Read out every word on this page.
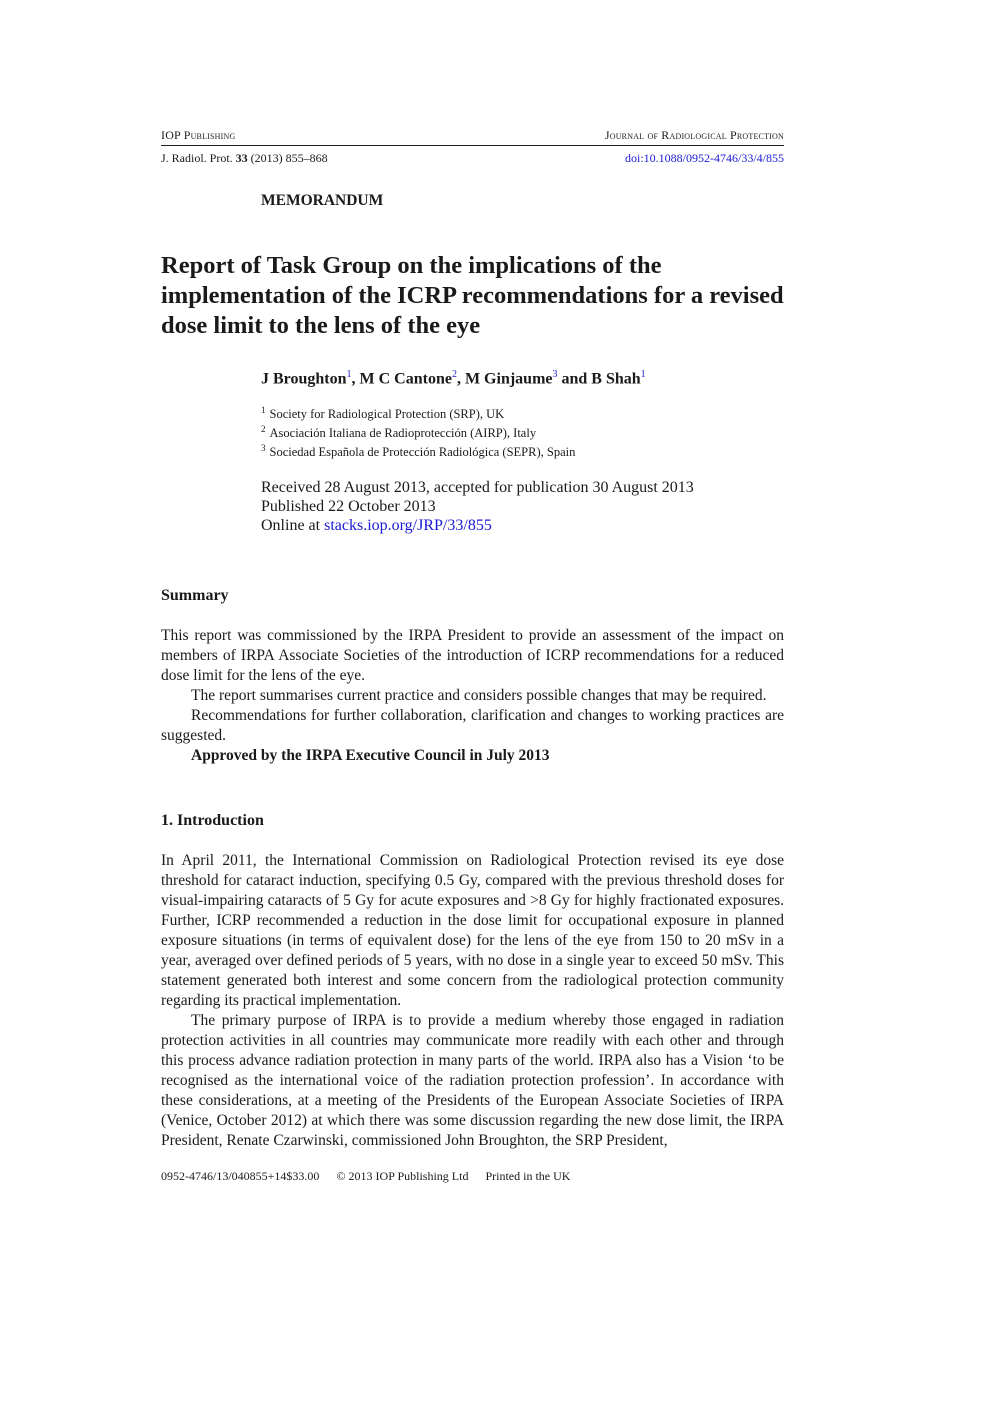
IOP Publishing	Journal of Radiological Protection
J. Radiol. Prot. 33 (2013) 855–868	doi:10.1088/0952-4746/33/4/855
MEMORANDUM
Report of Task Group on the implications of the implementation of the ICRP recommendations for a revised dose limit to the lens of the eye
J Broughton$^1$, M C Cantone$^2$, M Ginjaume$^3$ and B Shah$^1$
$^1$ Society for Radiological Protection (SRP), UK
$^2$ Asociación Italiana de Radioprotección (AIRP), Italy
$^3$ Sociedad Española de Protección Radiológica (SEPR), Spain
Received 28 August 2013, accepted for publication 30 August 2013
Published 22 October 2013
Online at stacks.iop.org/JRP/33/855
Summary

This report was commissioned by the IRPA President to provide an assessment of the impact on members of IRPA Associate Societies of the introduction of ICRP recommendations for a reduced dose limit for the lens of the eye.

The report summarises current practice and considers possible changes that may be required.

Recommendations for further collaboration, clarification and changes to working practices are suggested.

Approved by the IRPA Executive Council in July 2013

1. Introduction

In April 2011, the International Commission on Radiological Protection revised its eye dose threshold for cataract induction, specifying 0.5 Gy, compared with the previous threshold doses for visual-impairing cataracts of 5 Gy for acute exposures and >8 Gy for highly fractionated exposures. Further, ICRP recommended a reduction in the dose limit for occupational exposure in planned exposure situations (in terms of equivalent dose) for the lens of the eye from 150 to 20 mSv in a year, averaged over defined periods of 5 years, with no dose in a single year to exceed 50 mSv. This statement generated both interest and some concern from the radiological protection community regarding its practical implementation.

The primary purpose of IRPA is to provide a medium whereby those engaged in radiation protection activities in all countries may communicate more readily with each other and through this process advance radiation protection in many parts of the world. IRPA also has a Vision ‘to be recognised as the international voice of the radiation protection profession’. In accordance with these considerations, at a meeting of the Presidents of the European Associate Societies of IRPA (Venice, October 2012) at which there was some discussion regarding the new dose limit, the IRPA President, Renate Czarwinski, commissioned John Broughton, the SRP President,

0952-4746/13/040855+14$33.00 © 2013 IOP Publishing Ltd Printed in the UK
